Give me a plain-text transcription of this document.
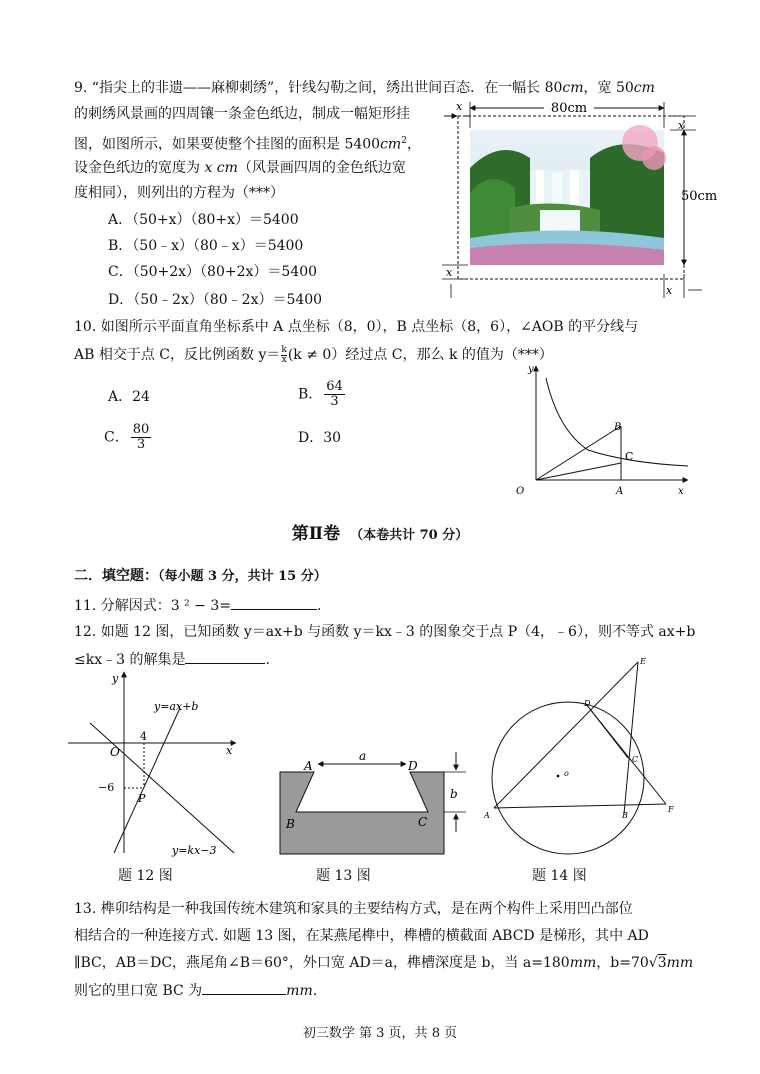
9. “指尖上的非遗——麻柳刺绣”，针线勾勒之间，绣出世间百态．在一幅长 80cm，宽 50cm
的刺绣风景画的四周镶一条金色纸边，制成一幅矩形挂
图，如图所示，如果要使整个挂图的面积是 $5400cm^2$，
设金色纸边的宽度为 x cm（风景画四周的金色纸边宽
度相同），则列出的方程为（***）
A．（50+x）（80+x）＝5400
B．（50﹣x）（80﹣x）＝5400
C．（50+2x）（80+2x）＝5400
D．（50﹣2x）（80﹣2x）＝5400
80cm
x
x
50cm
x
x
10. 如图所示平面直角坐标系中 A 点坐标（8，0），B 点坐标（8，6），∠AOB 的平分线与
AB 相交于点 C，反比例函数 $y= \frac{k}{x}(k \ne 0)$经过点 C，那么 k 的值为（***）
A．24	B． $\frac{64}{3}$
C． $\frac{80}{3}$	D．30
y
x
O	A
B
C
第Ⅱ卷 （本卷共计 70 分）
二．填空题：（每小题 3 分，共计 15 分）
11. 分解因式：3 ² − 3=	.
12. 如题 12 图，已知函数 y＝ax+b 与函数 y＝kx﹣3 的图象交于点 P（4，﹣6），则不等式 ax+b
≤kx﹣3 的解集是	.
y
x
O
4
−6
P
y=ax+b
y=kx−3
a
A	D
B	C
b
E
D
C
B
F
A
o
题 12 图	题 13 图	题 14 图
13. 榫卯结构是一种我国传统木建筑和家具的主要结构方式，是在两个构件上采用凹凸部位
相结合的一种连接方式. 如题 13 图，在某燕尾榫中，榫槽的横截面 ABCD 是梯形，其中 AD
∥BC，AB＝DC，燕尾角∠B＝60°，外口宽 AD＝a，榫槽深度是 b，当 a=180mm，b=70√3mm
则它的里口宽 BC 为	mm.
初三数学 第 3 页，共 8 页
